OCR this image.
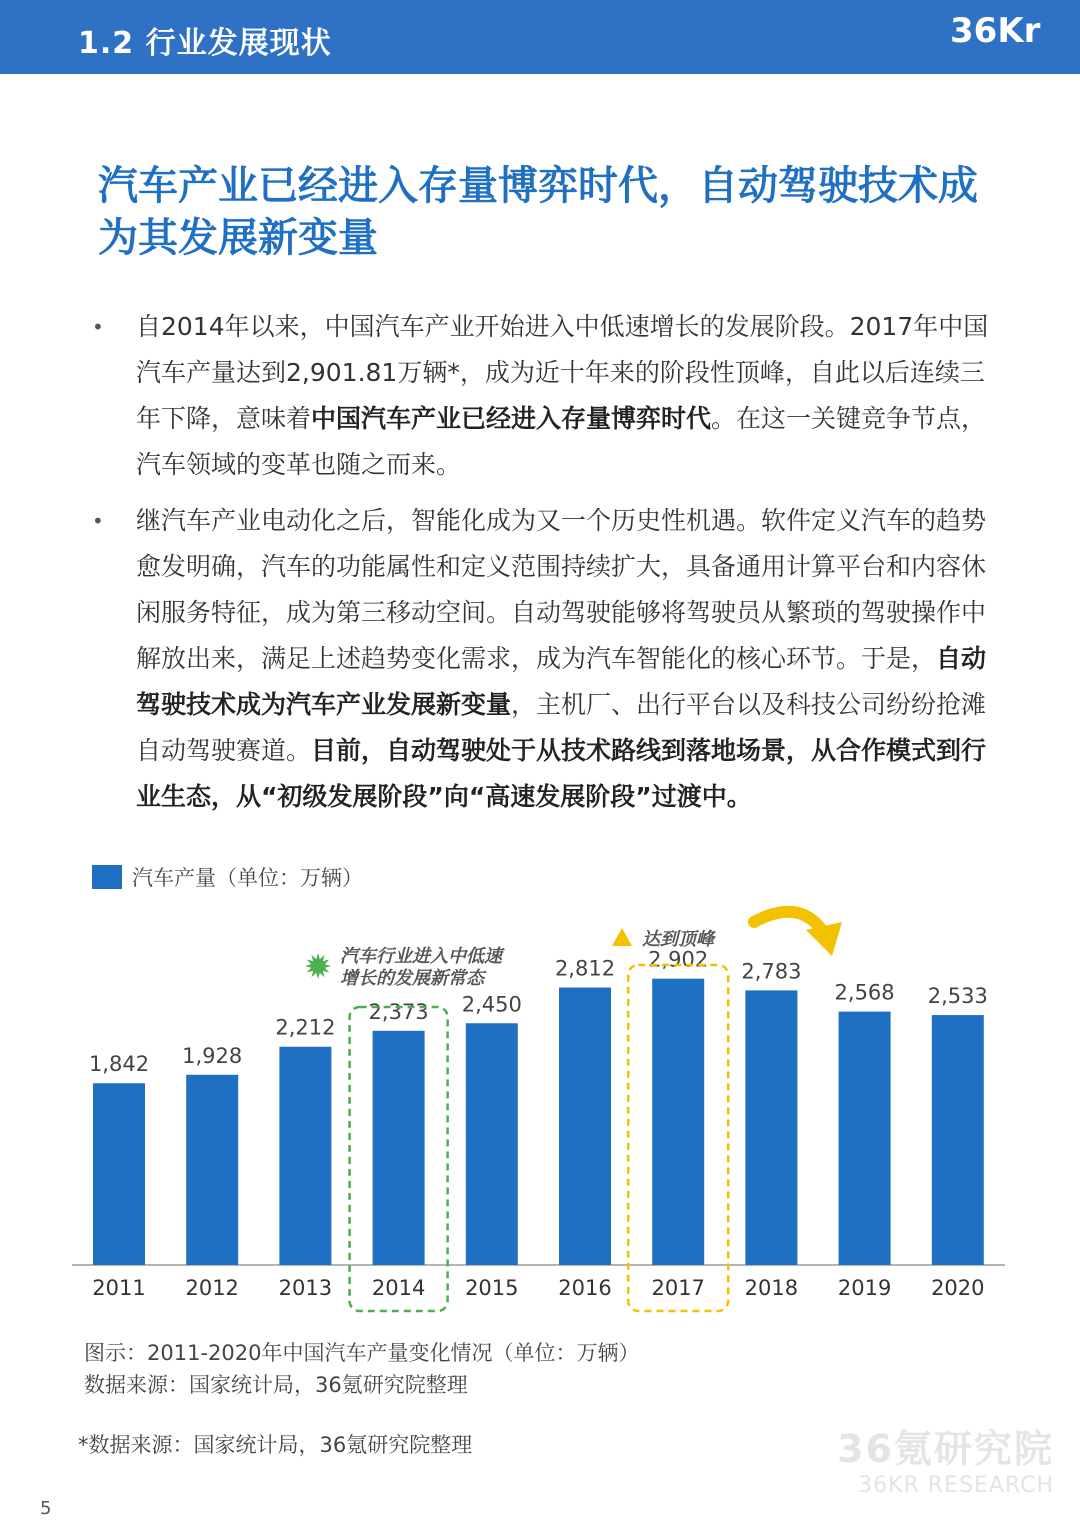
1.2 行业发展现状	36Kr
汽车产业已经进入存量博弈时代，自动驾驶技术成为其发展新变量
• 自2014年以来，中国汽车产业开始进入中低速增长的发展阶段。2017年中国汽车产量达到2,901.81万辆*，成为近十年来的阶段性顶峰，自此以后连续三年下降，意味着中国汽车产业已经进入存量博弈时代。在这一关键竞争节点，汽车领域的变革也随之而来。
• 继汽车产业电动化之后，智能化成为又一个历史性机遇。软件定义汽车的趋势愈发明确，汽车的功能属性和定义范围持续扩大，具备通用计算平台和内容休闲服务特征，成为第三移动空间。自动驾驶能够将驾驶员从繁琐的驾驶操作中解放出来，满足上述趋势变化需求，成为汽车智能化的核心环节。于是，自动驾驶技术成为汽车产业发展新变量，主机厂、出行平台以及科技公司纷纷抢滩自动驾驶赛道。目前，自动驾驶处于从技术路线到落地场景，从合作模式到行业生态，从“初级发展阶段”向“高速发展阶段”过渡中。
汽车产量（单位：万辆）
1,842
2011
1,928
2012
2,212
2013
2,373
2014
2,450
2015
2,812
2016
2,902
2017
2,783
2018
2,568
2019
2,533
2020
汽车行业进入中低速
增长的发展新常态
达到顶峰
图示：2011-2020年中国汽车产量变化情况（单位：万辆）
数据来源：国家统计局，36氪研究院整理
*数据来源：国家统计局，36氪研究院整理	36氪研究院
36KR RESEARCH
5
